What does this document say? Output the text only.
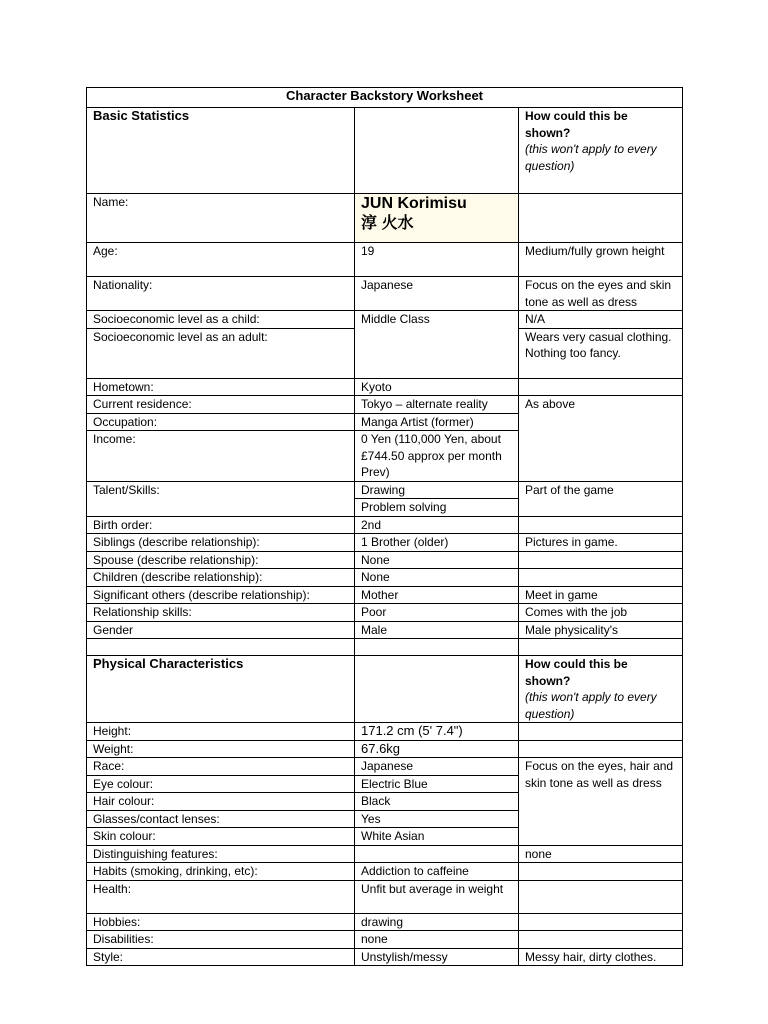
Character Backstory Worksheet		
Basic Statistics		How could this be shown?
(this won't apply to every question)

Name:	JUN Korimisu
淳 火水	

Age:	19	Medium/fully grown height
Nationality:	Japanese	Focus on the eyes and skin tone as well as dress
Socioeconomic level as a child:	Middle Class	N/A
Socioeconomic level as an adult:		Wears very casual clothing. Nothing too fancy.
Hometown:	Kyoto	
Current residence:	Tokyo – alternate reality	As above
Occupation:	Manga Artist (former)	
Income:	0 Yen (110,000 Yen, about £744.50 approx per month Prev)	
Talent/Skills:	Drawing	Part of the game
	Problem solving	
Birth order:	2nd	
Siblings (describe relationship):	1 Brother (older)	Pictures in game.
Spouse (describe relationship):	None	
Children (describe relationship):	None	
Significant others (describe relationship):	Mother	Meet in game
Relationship skills:	Poor	Comes with the job
Gender	Male	Male physicality's

Physical Characteristics		How could this be shown?
(this won't apply to every question)

Height:	171.2 cm (5' 7.4")	
Weight:	67.6kg	
Race:	Japanese	Focus on the eyes, hair and skin tone as well as dress
Eye colour:	Electric Blue	
Hair colour:	Black	
Glasses/contact lenses:	Yes	
Skin colour:	White Asian	
Distinguishing features:		none
Habits (smoking, drinking, etc):	Addiction to caffeine	
Health:	Unfit but average in weight	
Hobbies:	drawing	
Disabilities:	none	
Style:	Unstylish/messy	Messy hair, dirty clothes.
